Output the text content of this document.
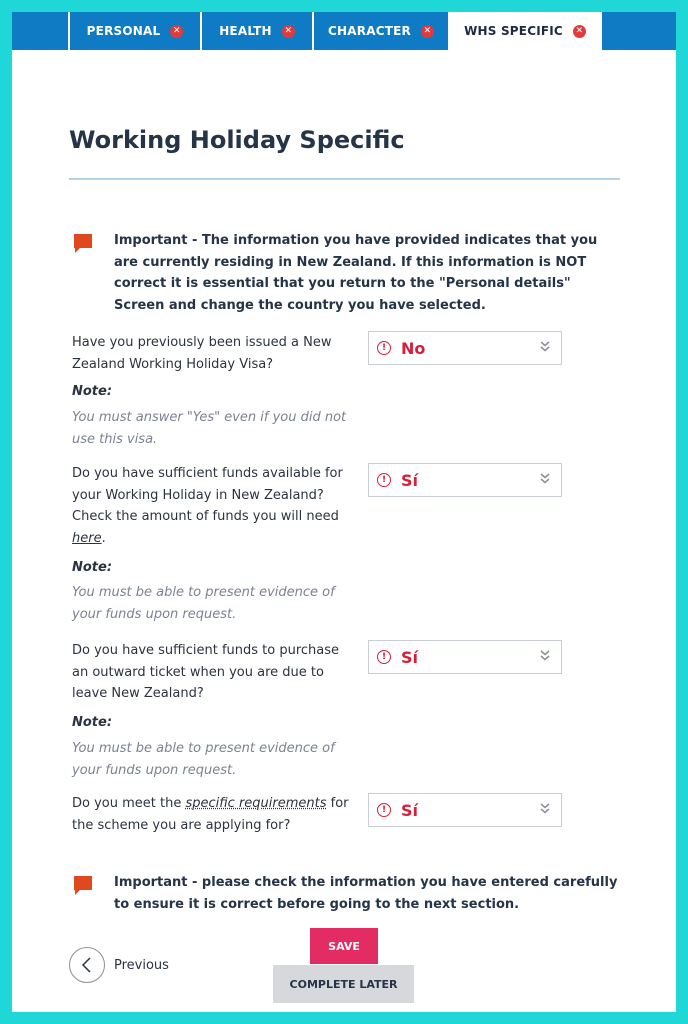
PERSONAL ✕	HEALTH ✕	CHARACTER ✕	WHS SPECIFIC ✕
Working Holiday Specific
Important - The information you have provided indicates that you are currently residing in New Zealand. If this information is NOT correct it is essential that you return to the "Personal details" Screen and change the country you have selected.
Have you previously been issued a New Zealand Working Holiday Visa?
! No
Note:
You must answer "Yes" even if you did not use this visa.
Do you have sufficient funds available for your Working Holiday in New Zealand? Check the amount of funds you will need here.
! Sí
Note:
You must be able to present evidence of your funds upon request.
Do you have sufficient funds to purchase an outward ticket when you are due to leave New Zealand?
! Sí
Note:
You must be able to present evidence of your funds upon request.
Do you meet the specific requirements for the scheme you are applying for?
! Sí
Important - please check the information you have entered carefully to ensure it is correct before going to the next section.
Previous
SAVE
COMPLETE LATER
